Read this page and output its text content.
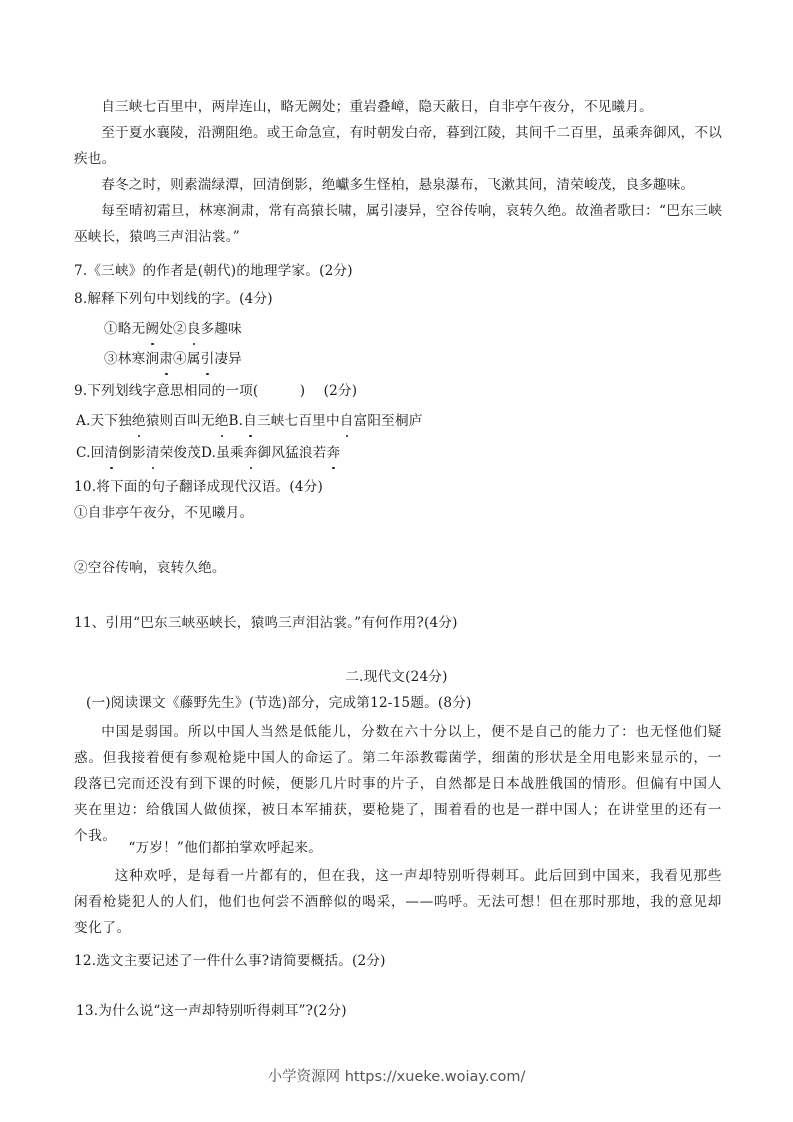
自三峡七百里中，两岸连山，略无阙处；重岩叠嶂，隐天蔽日，自非亭午夜分，不见曦月。
至于夏水襄陵，沿溯阻绝。或王命急宣，有时朝发白帝，暮到江陵，其间千二百里，虽乘奔御风，不以疾也。
春冬之时，则素湍绿潭，回清倒影，绝巘多生怪柏，悬泉瀑布，飞漱其间，清荣峻茂，良多趣味。
每至晴初霜旦，林寒涧肃，常有高猿长啸，属引凄异，空谷传响，哀转久绝。故渔者歌曰：“巴东三峡巫峡长，猿鸣三声泪沾裳。”
7.《三峡》的作者是(朝代)的地理学家。(2分)
8.解释下列句中划线的字。(4分)
①略无阙处②良多趣味
③林寒涧肃④属引凄异
9.下列划线字意思相同的一项(　　　)　 (2分)
A.天下独绝猿则百叫无绝B.自三峡七百里中自富阳至桐庐
C.回清倒影清荣俊茂D.虽乘奔御风猛浪若奔
10.将下面的句子翻译成现代汉语。(4分)
①自非亭午夜分，不见曦月。
②空谷传响，哀转久绝。
11、引用“巴东三峡巫峡长，猿鸣三声泪沾裳。”有何作用?(4分)
二.现代文(24分)
(一)阅读课文《藤野先生》(节选)部分，完成第12-15题。(8分)
中国是弱国。所以中国人当然是低能儿，分数在六十分以上，便不是自己的能力了：也无怪他们疑惑。但我接着便有参观枪毙中国人的命运了。第二年添教霉菌学，细菌的形状是全用电影来显示的，一段落已完而还没有到下课的时候，便影几片时事的片子，自然都是日本战胜俄国的情形。但偏有中国人夹在里边：给俄国人做侦探，被日本军捕获，要枪毙了，围着看的也是一群中国人；在讲堂里的还有一个我。
“万岁！”他们都拍掌欢呼起来。
这种欢呼，是每看一片都有的，但在我，这一声却特别听得刺耳。此后回到中国来，我看见那些闲看枪毙犯人的人们，他们也何尝不酒醉似的喝采，——呜呼。无法可想！但在那时那地，我的意见却变化了。
12.选文主要记述了一件什么事?请简要概括。(2分)
13.为什么说“这一声却特别听得刺耳”?(2分)
小学资源网 https://xueke.woiay.com/
